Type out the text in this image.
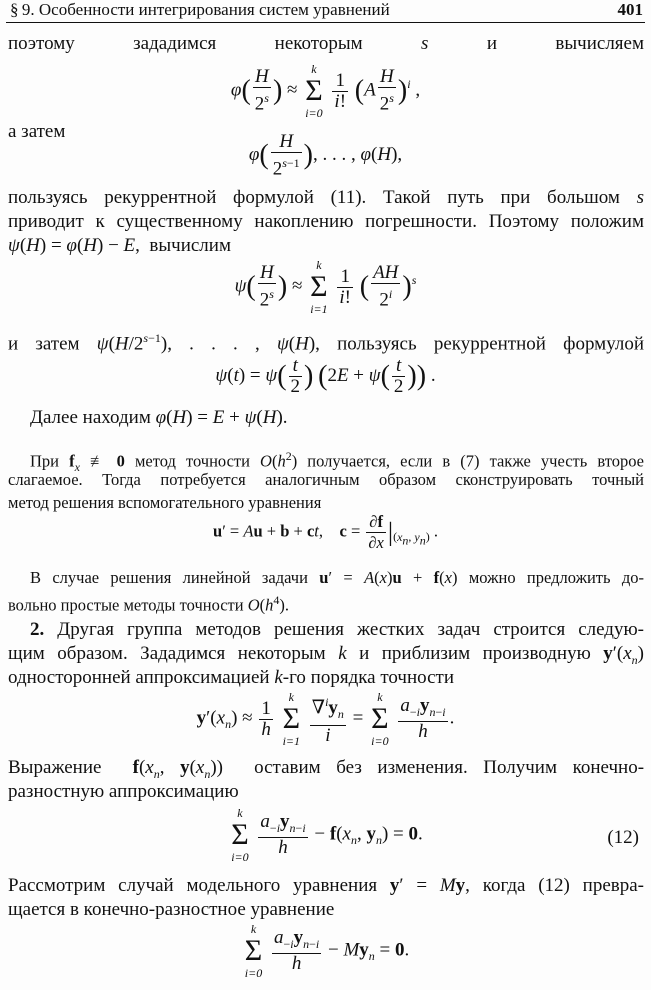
§ 9. Особенности интегрирования систем уравнений	401
поэтому зададимся некоторым s и вычисляем
$\varphi( \frac{H}{2^s}$ ) ≈
k
Σ
i=0

$\frac{1}{i!} (A \frac{H}{2^s} )^i$ ,
а затем
$\varphi( \frac{H}{2^{s-1}}$ ), . . . , φ(H),
пользуясь рекуррентной формулой (11). Такой путь при большом s
приводит к существенному накоплению погрешности. Поэтому положим
ψ(H) = φ(H) − E,  вычислим
$\psi( \frac{H}{2^s}$ ) ≈
k
Σ
i=1

$\frac{1}{i!}$ ( $\frac{AH}{2^i} )^s$
и затем $\psi(H/2^{s-1})$, . . . , ψ(H), пользуясь рекуррентной формулой
$\psi(t) = \psi( \frac{t}{2}$ ) ($2E + \psi( \frac{t}{2}$ )) .
Далее находим φ(H) = E + ψ(H).
При $f_x$ ≢ 0 метод точности $O(h^2)$ получается, если в (7) также учесть второе
слагаемое. Тогда потребуется аналогичным образом сконструировать точный
метод решения вспомогательного уравнения
u′ = Au + b + ct,    $c = \frac{\partial f}{\partial x} |_{(x_n, y_n)}$ .
В случае решения линейной задачи u′ = A(x)u + f(x) можно предложить до-
вольно простые методы точности $O(h^4)$.
2. Другая группа методов решения жестких задач строится следую-
щим образом. Зададимся некоторым k и приблизим производную $y'(x_n)$
односторонней аппроксимацией k-го порядка точности
$y'(x_n) \approx \frac{1}{h}$

k
Σ
i=1
$\frac{\nabla^iy_n}{i}$ =
k
Σ
i=0
$\frac{a_{-i}y_{n-i}}{h}$ .
Выражение  $f(x_n$, $y(x_n)$)  оставим без изменения. Получим конечно-
разностную аппроксимацию
k
Σ
i=0
$\frac{a_{-i}y_{n-i}}{h} - f(x_n$, $y_n) = 0$.	(12)
Рассмотрим случай модельного уравнения y′ = My, когда (12) превра-
щается в конечно-разностное уравнение
k
Σ
i=0
$\frac{a_{-i}y_{n-i}}{h} - My_n = 0$.
